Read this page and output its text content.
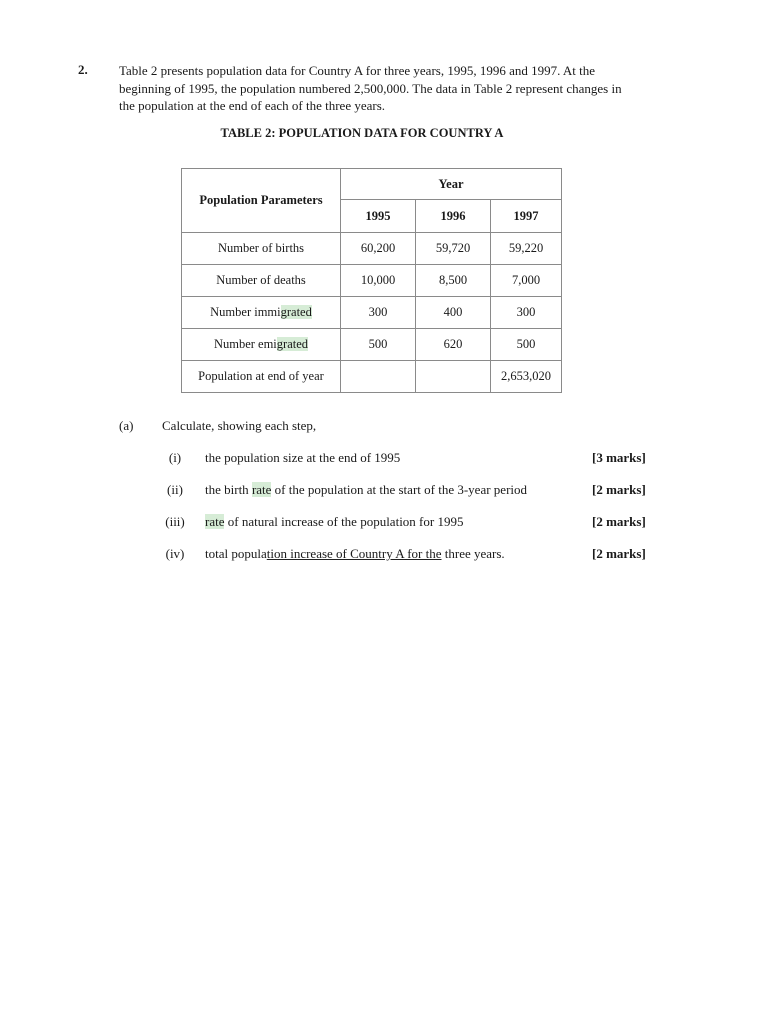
2. Table 2 presents population data for Country A for three years, 1995, 1996 and 1997. At the
beginning of 1995, the population numbered 2,500,000. The data in Table 2 represent changes in
the population at the end of each of the three years.
TABLE 2: POPULATION DATA FOR COUNTRY A
Population Parameters	Year		
	1995	1996	1997
Number of births	60,200	59,720	59,220
Number of deaths	10,000	8,500	7,000
Number immigrated	300	400	300
Number emigrated	500	620	500
Population at end of year			2,653,020
(a) Calculate, showing each step,
(i)	the population size at the end of 1995	[3 marks]
(ii)	the birth rate of the population at the start of the 3-year period	[2 marks]
(iii)	rate of natural increase of the population for 1995	[2 marks]
(iv)	total population increase of Country A for the three years.	[2 marks]
